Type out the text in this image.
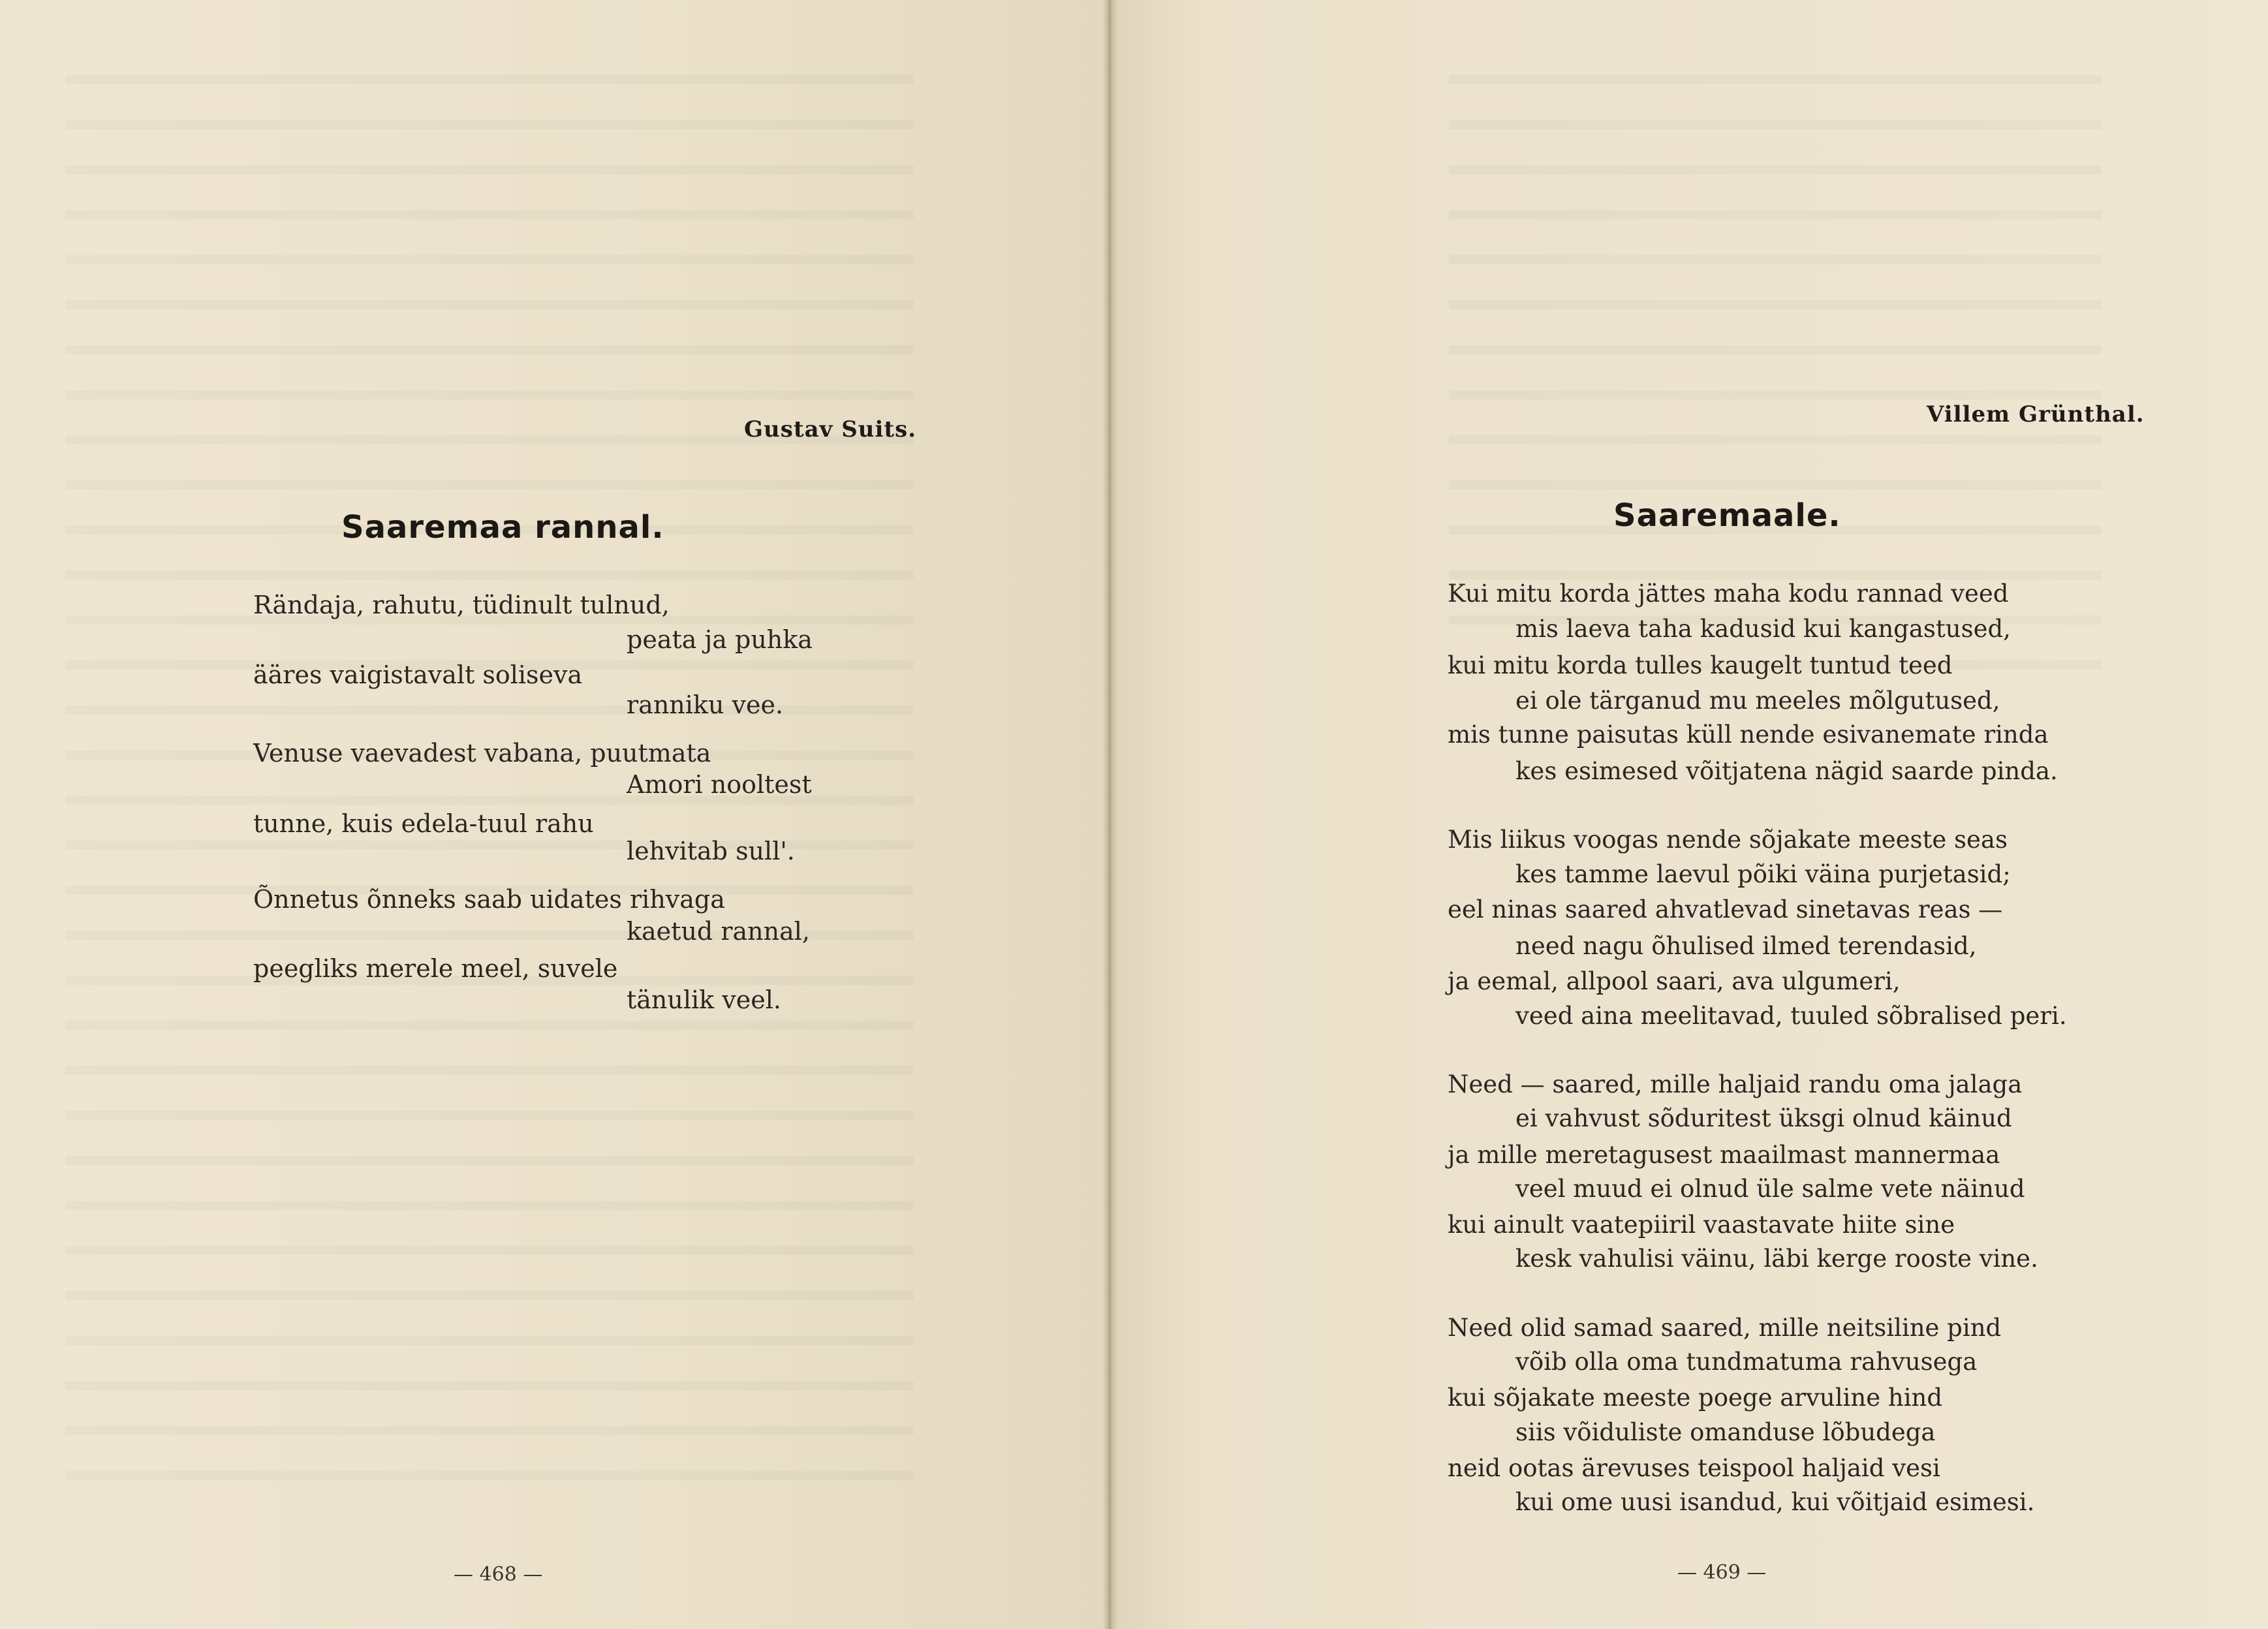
Gustav Suits.
Saaremaa rannal.
Rändaja, rahutu, tüdinult tulnud,
peata ja puhka
ääres vaigistavalt soliseva
ranniku vee.
Venuse vaevadest vabana, puutmata
Amori nooltest
tunne, kuis edela-tuul rahu
lehvitab sull'.
Õnnetus õnneks saab uidates rihvaga
kaetud rannal,
peegliks merele meel, suvele
tänulik veel.
— 468 —
Villem Grünthal.
Saaremaale.
Kui mitu korda jättes maha kodu rannad veed
mis laeva taha kadusid kui kangastused,
kui mitu korda tulles kaugelt tuntud teed
ei ole tärganud mu meeles mõlgutused,
mis tunne paisutas küll nende esivanemate rinda
kes esimesed võitjatena nägid saarde pinda.
Mis liikus voogas nende sõjakate meeste seas
kes tamme laevul põiki väina purjetasid;
eel ninas saared ahvatlevad sinetavas reas —
need nagu õhulised ilmed terendasid,
ja eemal, allpool saari, ava ulgumeri,
veed aina meelitavad, tuuled sõbralised peri.
Need — saared, mille haljaid randu oma jalaga
ei vahvust sõduritest üksgi olnud käinud
ja mille meretagusest maailmast mannermaa
veel muud ei olnud üle salme vete näinud
kui ainult vaatepiiril vaastavate hiite sine
kesk vahulisi väinu, läbi kerge rooste vine.
Need olid samad saared, mille neitsiline pind
võib olla oma tundmatuma rahvusega
kui sõjakate meeste poege arvuline hind
siis võiduliste omanduse lõbudega
neid ootas ärevuses teispool haljaid vesi
kui ome uusi isandud, kui võitjaid esimesi.
— 469 —
